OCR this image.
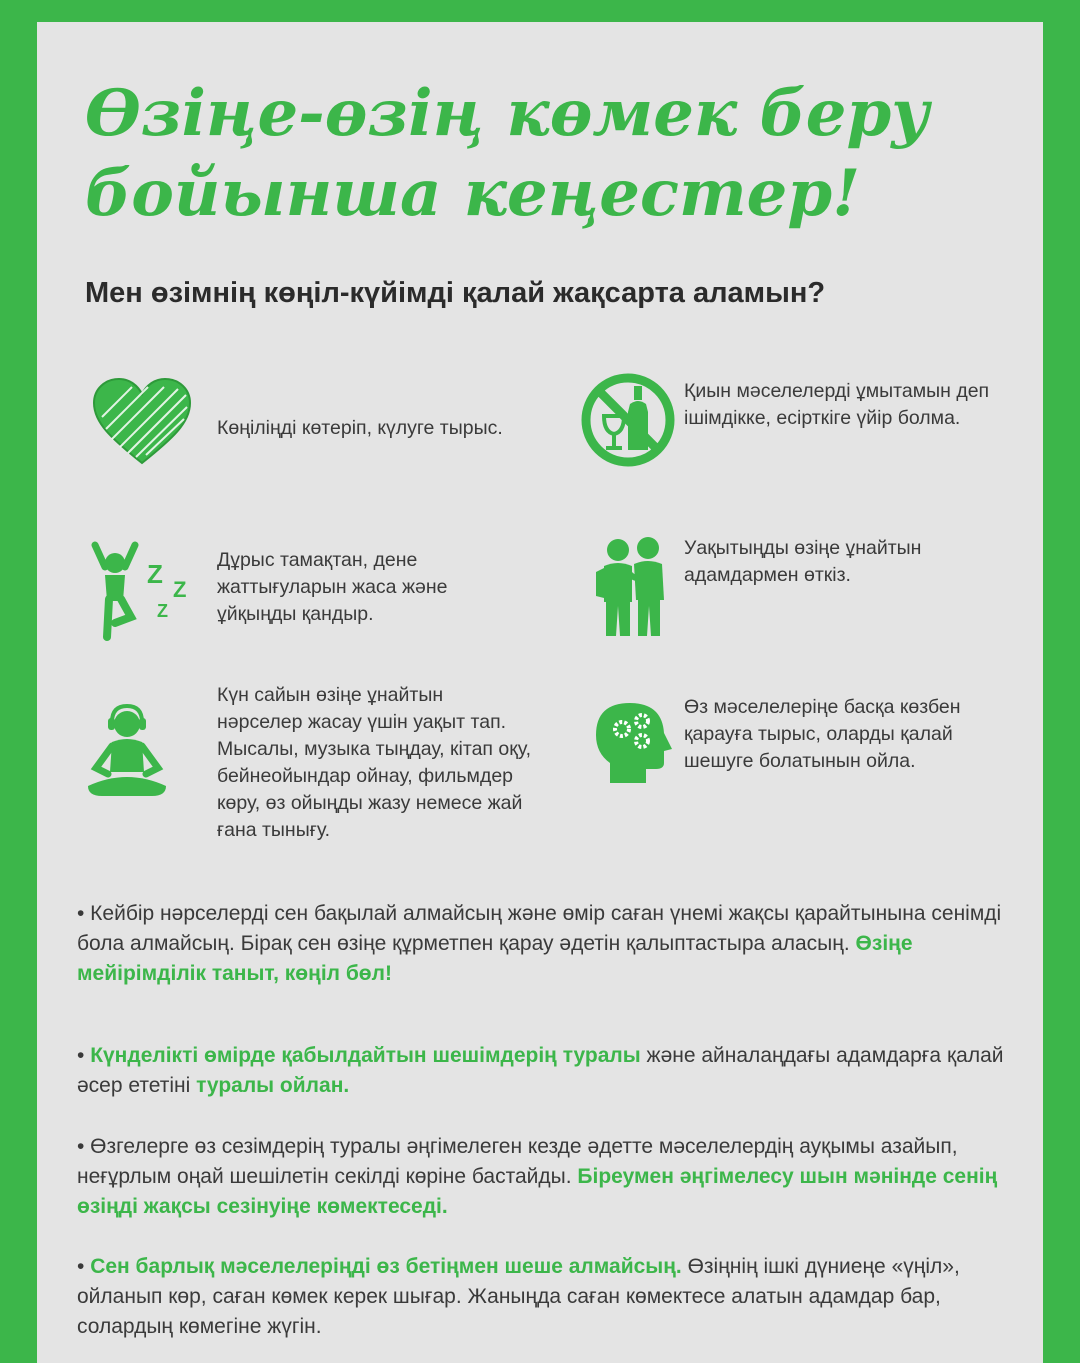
Өзіңе-өзің көмек беру
бойынша кеңестер!
Мен өзімнің көңіл-күйімді қалай жақсарта аламын?
Көңіліңді көтеріп, күлуге тырыс.
Қиын мәселелерді ұмытамын деп
ішімдікке, есірткіге үйір болма.
Z
Z
Z
Дұрыс тамақтан, дене
жаттығуларын жаса және
ұйқыңды қандыр.
Уақытыңды өзіңе ұнайтын
адамдармен өткіз.
Күн сайын өзіңе ұнайтын
нәрселер жасау үшін уақыт тап.
Мысалы, музыка тыңдау, кітап оқу,
бейнеойындар ойнау, фильмдер
көру, өз ойыңды жазу немесе жай
ғана тынығу.
Өз мәселелеріңе басқа көзбен
қарауға тырыс, оларды қалай
шешуге болатынын ойла.
• Кейбір нәрселерді сен бақылай алмайсың және өмір саған үнемі жақсы қарайтынына сенімді бола алмайсың. Бірақ сен өзіңе құрметпен қарау әдетін қалыптастыра аласың. Өзіңе мейірімділік таныт, көңіл бөл!
• Күнделікті өмірде қабылдайтын шешімдерің туралы және айналаңдағы адамдарға қалай әсер ететіні туралы ойлан.
• Өзгелерге өз сезімдерің туралы әңгімелеген кезде әдетте мәселелердің ауқымы азайып, неғұрлым оңай шешілетін секілді көріне бастайды. Біреумен әңгімелесу шын мәнінде сенің өзіңді жақсы сезінуіңе көмектеседі.
• Сен барлық мәселелеріңді өз бетіңмен шеше алмайсың. Өзіңнің ішкі дүниеңе «үңіл», ойланып көр, саған көмек керек шығар. Жаныңда саған көмектесе алатын адамдар бар, солардың көмегіне жүгін.
